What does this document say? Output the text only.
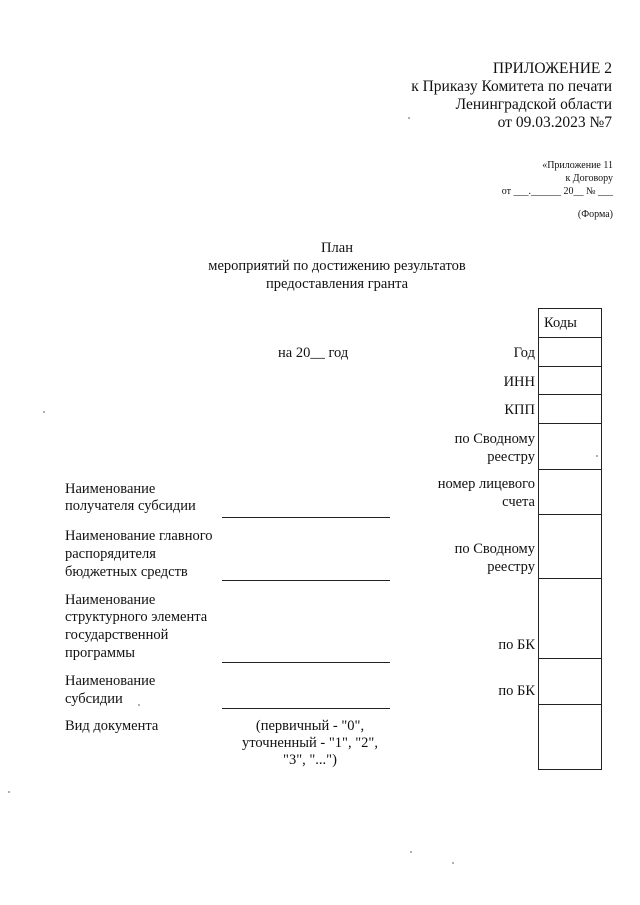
ПРИЛОЖЕНИЕ 2
к Приказу Комитета по печати
Ленинградской области
от 09.03.2023 №7
«Приложение 11
к Договору
от ___.______ 20__ № ___
(Форма)
План
мероприятий по достижению результатов
предоставления гранта
на 20__ год
Коды
Год
ИНН
КПП
по Сводному
реестру
номер лицевого
счета
по Сводному
реестру
по БК
по БК
Наименование
получателя субсидии
Наименование главного
распорядителя
бюджетных средств
Наименование
структурного элемента
государственной
программы
Наименование
субсидии
Вид документа	(первичный - "0",
уточненный - "1", "2",
"3", "...")
